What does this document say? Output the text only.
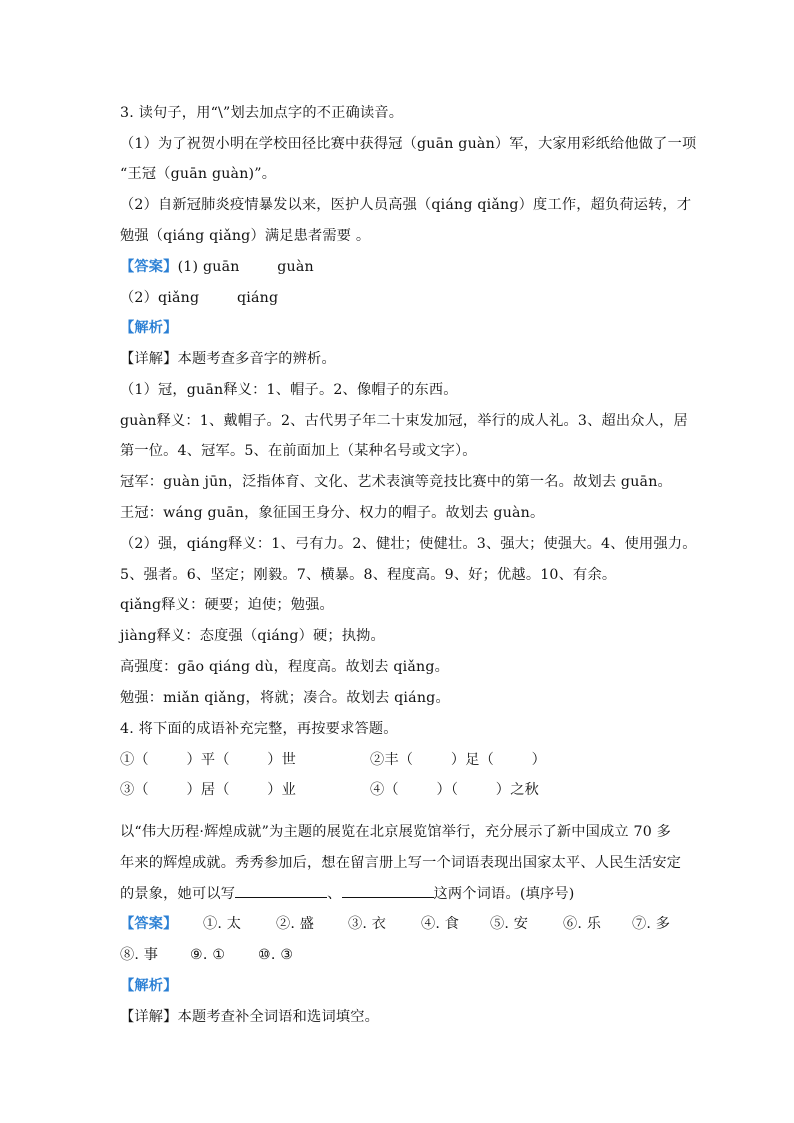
3. 读句子，用“\”划去加点字的不正确读音。
（1）为了祝贺小明在学校田径比赛中获得冠（guān guàn）军，大家用彩纸给他做了一项
“王冠（guān guàn)”。
（2）自新冠肺炎疫情暴发以来，医护人员高强（qiáng qiǎng）度工作，超负荷运转，才
勉强（qiáng qiǎng）满足患者需要 。
【答案】(1) guān        guàn
（2）qiǎng        qiáng
【解析】
【详解】本题考查多音字的辨析。
（1）冠，guān释义：1、帽子。2、像帽子的东西。
guàn释义：1、戴帽子。2、古代男子年二十束发加冠，举行的成人礼。3、超出众人，居
第一位。4、冠军。5、在前面加上（某种名号或文字）。
冠军：guàn jūn，泛指体育、文化、艺术表演等竞技比赛中的第一名。故划去 guān。
王冠：wáng guān，象征国王身分、权力的帽子。故划去 guàn。
（2）强，qiáng释义：1、弓有力。2、健壮；使健壮。3、强大；使强大。4、使用强力。
5、强者。6、坚定；刚毅。7、横暴。8、程度高。9、好；优越。10、有余。
qiǎng释义：硬要；迫使；勉强。
jiàng释义：态度强（qiáng）硬；执拗。
高强度：gāo qiáng dù，程度高。故划去 qiǎng。
勉强：miǎn qiǎng，将就；凑合。故划去 qiáng。
4. 将下面的成语补充完整，再按要求答题。
①（        ）平（        ）世	②丰（        ）足（        ）
③（        ）居（        ）业	④（        ）（        ）之秋
以“伟大历程·辉煌成就”为主题的展览在北京展览馆举行，充分展示了新中国成立 70 多
年来的辉煌成就。秀秀参加后，想在留言册上写一个词语表现出国家太平、人民生活安定
的景象，她可以写	、	这两个词语。(填序号)
【答案】 ①. 太 ②. 盛 ③. 衣 ④. 食 ⑤. 安 ⑥. 乐 ⑦. 多
⑧. 事 ⑨. ① ⑩. ③
【解析】
【详解】本题考查补全词语和选词填空。
